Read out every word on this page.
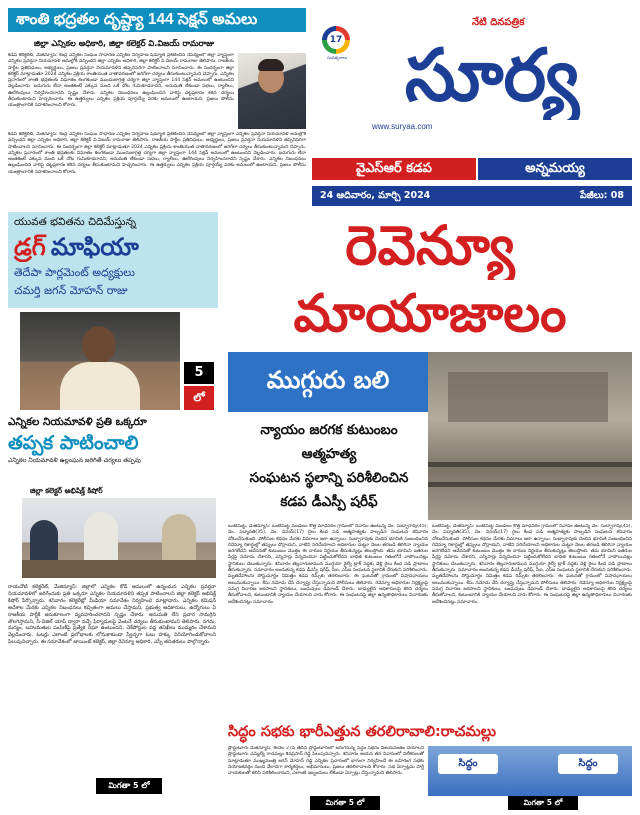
శాంతి భద్రతల దృష్ట్యా 144 సెక్షన్ అమలు
జిల్లా ఎన్నికల అధికారి, జిల్లా కలెక్టర్ వి.విజయ్ రామరాజు
కడప కలెక్టరేట్, మేజిన్యూస్: కేంద్ర ఎన్నికల సంఘం సాధారణ ఎన్నికల నిర్వహణ షెడ్యూల్ ప్రకటించిన నేపథ్యంలో జిల్లా వ్యాప్తంగా ఎన్నికల ప్రవర్తనా నియమావళి అమల్లోకి వచ్చిందని జిల్లా ఎన్నికల అధికారి, జిల్లా కలెక్టర్ వి.విజయ్ రామరాజు తెలిపారు. రాజకీయ పార్టీల ప్రతినిధులు, అభ్యర్థులు, ప్రజలు ప్రవర్తనా నియమావళిని తప్పనిసరిగా పాటించాలని సూచించారు. ఈ సందర్భంగా జిల్లా కలెక్టర్ మాట్లాడుతూ 2024 ఎన్నికల ప్రక్రియ శాంతియుత వాతావరణంలో జరిగేలా చర్యలు తీసుకుంటున్నామని చెప్పారు. ఎన్నికల ప్రచారంలో శాంతి భద్రతలకు విఘాతం కలగకుండా ముందుజాగ్రత్త చర్యగా జిల్లా వ్యాప్తంగా 144 సెక్షన్ అమలులో ఉంటుందని వెల్లడించారు. ఐదుగురు లేదా అంతకంటే ఎక్కువ మంది ఒకే చోట గుమికూడరాదని, అనుమతి లేకుండా సభలు, ర్యాలీలు, ఊరేగింపులు నిర్వహించరాదని స్పష్టం చేశారు. ఎన్నికల నిబంధనలు ఉల్లంఘించిన వారిపై చట్టప్రకారం కఠిన చర్యలు తీసుకుంటామని హెచ్చరించారు. ఈ ఉత్తర్వులు ఎన్నికల ప్రక్రియ పూర్తయ్యే వరకు అమలులో ఉంటాయని, ప్రజలు పోలీసు యంత్రాంగానికి సహకరించాలని కోరారు.
కడప కలెక్టరేట్, మేజిన్యూస్: కేంద్ర ఎన్నికల సంఘం సాధారణ ఎన్నికల నిర్వహణ షెడ్యూల్ ప్రకటించిన నేపథ్యంలో జిల్లా వ్యాప్తంగా ఎన్నికల ప్రవర్తనా నియమావళి అమల్లోకి వచ్చిందని జిల్లా ఎన్నికల అధికారి, జిల్లా కలెక్టర్ వి.విజయ్ రామరాజు తెలిపారు. రాజకీయ పార్టీల ప్రతినిధులు, అభ్యర్థులు, ప్రజలు ప్రవర్తనా నియమావళిని తప్పనిసరిగా పాటించాలని సూచించారు. ఈ సందర్భంగా జిల్లా కలెక్టర్ మాట్లాడుతూ 2024 ఎన్నికల ప్రక్రియ శాంతియుత వాతావరణంలో జరిగేలా చర్యలు తీసుకుంటున్నామని చెప్పారు. ఎన్నికల ప్రచారంలో శాంతి భద్రతలకు విఘాతం కలగకుండా ముందుజాగ్రత్త చర్యగా జిల్లా వ్యాప్తంగా 144 సెక్షన్ అమలులో ఉంటుందని వెల్లడించారు. ఐదుగురు లేదా అంతకంటే ఎక్కువ మంది ఒకే చోట గుమికూడరాదని, అనుమతి లేకుండా సభలు, ర్యాలీలు, ఊరేగింపులు నిర్వహించరాదని స్పష్టం చేశారు. ఎన్నికల నిబంధనలు ఉల్లంఘించిన వారిపై చట్టప్రకారం కఠిన చర్యలు తీసుకుంటామని హెచ్చరించారు. ఈ ఉత్తర్వులు ఎన్నికల ప్రక్రియ పూర్తయ్యే వరకు అమలులో ఉంటాయని, ప్రజలు పోలీసు యంత్రాంగానికి సహకరించాలని కోరారు.
17
సంవత్సరాలు
నేటి దినపత్రిక
సూర్య
www.suryaa.com
వైఎస్ఆర్ కడప	అన్నమయ్య
24 ఆదివారం, మార్చి 2024	పేజీలు: 08
యువత భవితను చిదిమేస్తున్న
డ్రగ్ మాఫియా
తెదేపా పార్లమెంట్ అధ్యక్షులు
చమర్తి జగన్ మోహన్ రాజు
5
లో
ఎన్నికల నియమావళి ప్రతి ఒక్కరూ
తప్పక పాటించాలి
ఎన్నికల నియమావళి ఉల్లంఘన జరిగితే చర్యలు తప్పవు
జిల్లా కలెక్టర్ అభిషిక్త్ కిషోర్
రాయచోటి కలెక్టరేట్, మేజిన్యూస్: జిల్లాలో ఎన్నికల కోడ్ అమలులో ఉన్నందున ఎన్నికల ప్రవర్తనా నియమావళిలో జరిగేందుకు ప్రతి ఒక్కరూ ఎన్నికల నియమావళిని తప్పక పాటించాలని జిల్లా కలెక్టర్ అభిషిక్త్ కిషోర్ పేర్కొన్నారు. శనివారం కలెక్టరేట్లో మీడియా సమావేశం నిర్వహించి మాట్లాడారు. ఎన్నికల కమిషన్ ఆదేశాల మేరకు ఎన్నికల నిబంధనలు కచ్చితంగా అమలు చేస్తామని, ప్రభుత్వ అధికారులు, ఉద్యోగులు ఏ రాజకీయ పార్టీకి అనుకూలంగా వ్యవహరించరాదని స్పష్టం చేశారు. అనుమతి లేని ప్రచార సామగ్రిని తొలగిస్తామని, సీ-విజిల్ యాప్ ద్వారా వచ్చే ఫిర్యాదులపై వెంటనే చర్యలు తీసుకుంటామని తెలిపారు. నగదు, మద్యం, బహుమతుల పంపిణీపై ప్రత్యేక నిఘా ఉంటుందని, చెక్‌పోస్టుల వద్ద తనిఖీలు ముమ్మరం చేశామని వెల్లడించారు. ఓటర్లు ఎలాంటి ప్రలోభాలకు లోనుకాకుండా స్వేచ్ఛగా ఓటు హక్కు వినియోగించుకోవాలని పిలుపునిచ్చారు. ఈ సమావేశంలో జాయింట్ కలెక్టర్, జిల్లా రెవెన్యూ అధికారి, ఎస్పీ తదితరులు పాల్గొన్నారు.
మిగతా 5 లో
రెవెన్యూ
మాయాజాలం
ముగ్గురు బలి
న్యాయం జరగక కుటుంబం
ఆత్మహత్య
సంఘటన స్థలాన్ని పరిశీలించిన
కడప డీఎస్పీ షరీఫ్
ఒంటిమిట్ట, మేజిన్యూస్: ఒంటిమిట్ట మండలం కొత్త మాధవరం గ్రామంలో నివాసం ఉంటున్న వెం. సుబ్బారావు(45), వెం. పద్మావతి(35), వెం. వినయ్(17) రైలు కింద పడి ఆత్మహత్యకు పాల్పడిన సంఘటన శనివారం చోటుచేసుకుంది. పోలీసుల కథనం మేరకు వివరాలు ఇలా ఉన్నాయి. సుబ్బారావుకు చెందిన భూమికి సంబంధించిన రెవెన్యూ రికార్డుల్లో తప్పులు దొర్లాయని, వాటిని సరిచేయాలని అధికారుల చుట్టూ నెలల తరబడి తిరిగినా న్యాయం జరగలేదని ఆవేదనతో కుటుంబం మొత్తం ఈ దారుణ నిర్ణయం తీసుకున్నట్లు తెలుస్తోంది. తమ భూమిని ఇతరుల పేర్లపై నమోదు చేశారని, ఎన్నిసార్లు విన్నవించినా పట్టించుకోలేదని బాధిత కుటుంబం గతంలోనే వాపోయినట్లు స్థానికులు చెబుతున్నారు. శనివారం తెల్లవారుజామున ముగ్గురూ రైల్వే ట్రాక్ వద్దకు వెళ్లి రైలు కింద పడి ప్రాణాలు తీసుకున్నారు. సమాచారం అందుకున్న కడప డీఎస్పీ షరీఫ్, సీఐ, ఎస్ఐ సంఘటన స్థలానికి చేరుకుని పరిశీలించారు. మృతదేహాలను పోస్టుమార్టం నిమిత్తం కడప రిమ్స్‌కు తరలించారు. ఈ ఘటనతో గ్రామంలో విషాదఛాయలు అలుముకున్నాయి. కేసు నమోదు చేసి దర్యాప్తు చేస్తున్నామని పోలీసులు తెలిపారు. రెవెన్యూ అధికారుల నిర్లక్ష్యంపై సమగ్ర విచారణ జరపాలని స్థానికులు, బంధువులు డిమాండ్ చేశారు. బాధ్యులైన అధికారులపై కఠిన చర్యలు తీసుకోవాలని, కుటుంబానికి న్యాయం చేయాలని వారు కోరారు. ఈ సంఘటనపై జిల్లా ఉన్నతాధికారులు విచారణకు ఆదేశించినట్లు సమాచారం.
ఒంటిమిట్ట, మేజిన్యూస్: ఒంటిమిట్ట మండలం కొత్త మాధవరం గ్రామంలో నివాసం ఉంటున్న వెం. సుబ్బారావు(45), వెం. పద్మావతి(35), వెం. వినయ్(17) రైలు కింద పడి ఆత్మహత్యకు పాల్పడిన సంఘటన శనివారం చోటుచేసుకుంది. పోలీసుల కథనం మేరకు వివరాలు ఇలా ఉన్నాయి. సుబ్బారావుకు చెందిన భూమికి సంబంధించిన రెవెన్యూ రికార్డుల్లో తప్పులు దొర్లాయని, వాటిని సరిచేయాలని అధికారుల చుట్టూ నెలల తరబడి తిరిగినా న్యాయం జరగలేదని ఆవేదనతో కుటుంబం మొత్తం ఈ దారుణ నిర్ణయం తీసుకున్నట్లు తెలుస్తోంది. తమ భూమిని ఇతరుల పేర్లపై నమోదు చేశారని, ఎన్నిసార్లు విన్నవించినా పట్టించుకోలేదని బాధిత కుటుంబం గతంలోనే వాపోయినట్లు స్థానికులు చెబుతున్నారు. శనివారం తెల్లవారుజామున ముగ్గురూ రైల్వే ట్రాక్ వద్దకు వెళ్లి రైలు కింద పడి ప్రాణాలు తీసుకున్నారు. సమాచారం అందుకున్న కడప డీఎస్పీ షరీఫ్, సీఐ, ఎస్ఐ సంఘటన స్థలానికి చేరుకుని పరిశీలించారు. మృతదేహాలను పోస్టుమార్టం నిమిత్తం కడప రిమ్స్‌కు తరలించారు. ఈ ఘటనతో గ్రామంలో విషాదఛాయలు అలుముకున్నాయి. కేసు నమోదు చేసి దర్యాప్తు చేస్తున్నామని పోలీసులు తెలిపారు. రెవెన్యూ అధికారుల నిర్లక్ష్యంపై సమగ్ర విచారణ జరపాలని స్థానికులు, బంధువులు డిమాండ్ చేశారు. బాధ్యులైన అధికారులపై కఠిన చర్యలు తీసుకోవాలని, కుటుంబానికి న్యాయం చేయాలని వారు కోరారు. ఈ సంఘటనపై జిల్లా ఉన్నతాధికారులు విచారణకు ఆదేశించినట్లు సమాచారం.
సిద్ధం సభకు భారీఎత్తున తరలిరావాలి:రాచమల్లు
ప్రొద్దుటూరు మేజిన్యూస్: ఈనెల 27వ తేదీన ప్రొద్దుటూరులో జరుగనున్న సిద్ధం సభను విజయవంతం చేయాలని ప్రొద్దుటూరు ఎమ్మెల్యే రాచమల్లు శివప్రసాద్ రెడ్డి పిలుపునిచ్చారు. శనివారం ఆయన తన నివాసంలో విలేకరులతో మాట్లాడుతూ ముఖ్యమంత్రి జగన్ మోహన్ రెడ్డి ఎన్నికల ప్రచారంలో భాగంగా నిర్వహించే ఈ బహిరంగ సభకు నియోజకవర్గం నుంచి వేలాదిగా కార్యకర్తలు, అభిమానులు, ప్రజలు తరలిరావాలని కోరారు. సభ ఏర్పాట్లను పార్టీ నాయకులతో కలిసి పరిశీలించామని, ఎలాంటి ఇబ్బందులు లేకుండా ఏర్పాట్లు చేస్తున్నామని తెలిపారు.
మిగతా 5 లో
సిద్ధం	సిద్ధం
మిగతా 5 లో
